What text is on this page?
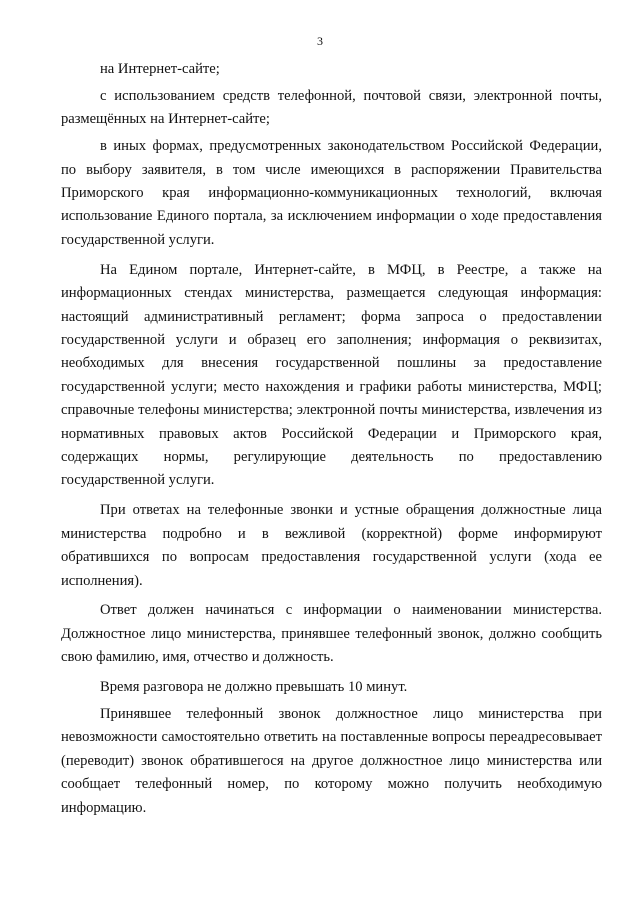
3

на Интернет-сайте;

с использованием средств телефонной, почтовой связи, электронной почты, размещённых на Интернет-сайте;

в иных формах, предусмотренных законодательством Российской Федерации, по выбору заявителя, в том числе имеющихся в распоряжении Правительства Приморского края информационно-коммуникационных технологий, включая использование Единого портала, за исключением информации о ходе предоставления государственной услуги.

На Едином портале, Интернет-сайте, в МФЦ, в Реестре, а также на информационных стендах министерства, размещается следующая информация: настоящий административный регламент; форма запроса о предоставлении государственной услуги и образец его заполнения; информация о реквизитах, необходимых для внесения государственной пошлины за предоставление государственной услуги; место нахождения и графики работы министерства, МФЦ; справочные телефоны министерства; электронной почты министерства, извлечения из нормативных правовых актов Российской Федерации и Приморского края, содержащих нормы, регулирующие деятельность по предоставлению государственной услуги.

При ответах на телефонные звонки и устные обращения должностные лица министерства подробно и в вежливой (корректной) форме информируют обратившихся по вопросам предоставления государственной услуги (хода ее исполнения).

Ответ должен начинаться с информации о наименовании министерства. Должностное лицо министерства, принявшее телефонный звонок, должно сообщить свою фамилию, имя, отчество и должность.

Время разговора не должно превышать 10 минут.

Принявшее телефонный звонок должностное лицо министерства при невозможности самостоятельно ответить на поставленные вопросы переадресовывает (переводит) звонок обратившегося на другое должностное лицо министерства или сообщает телефонный номер, по которому можно получить необходимую информацию.
